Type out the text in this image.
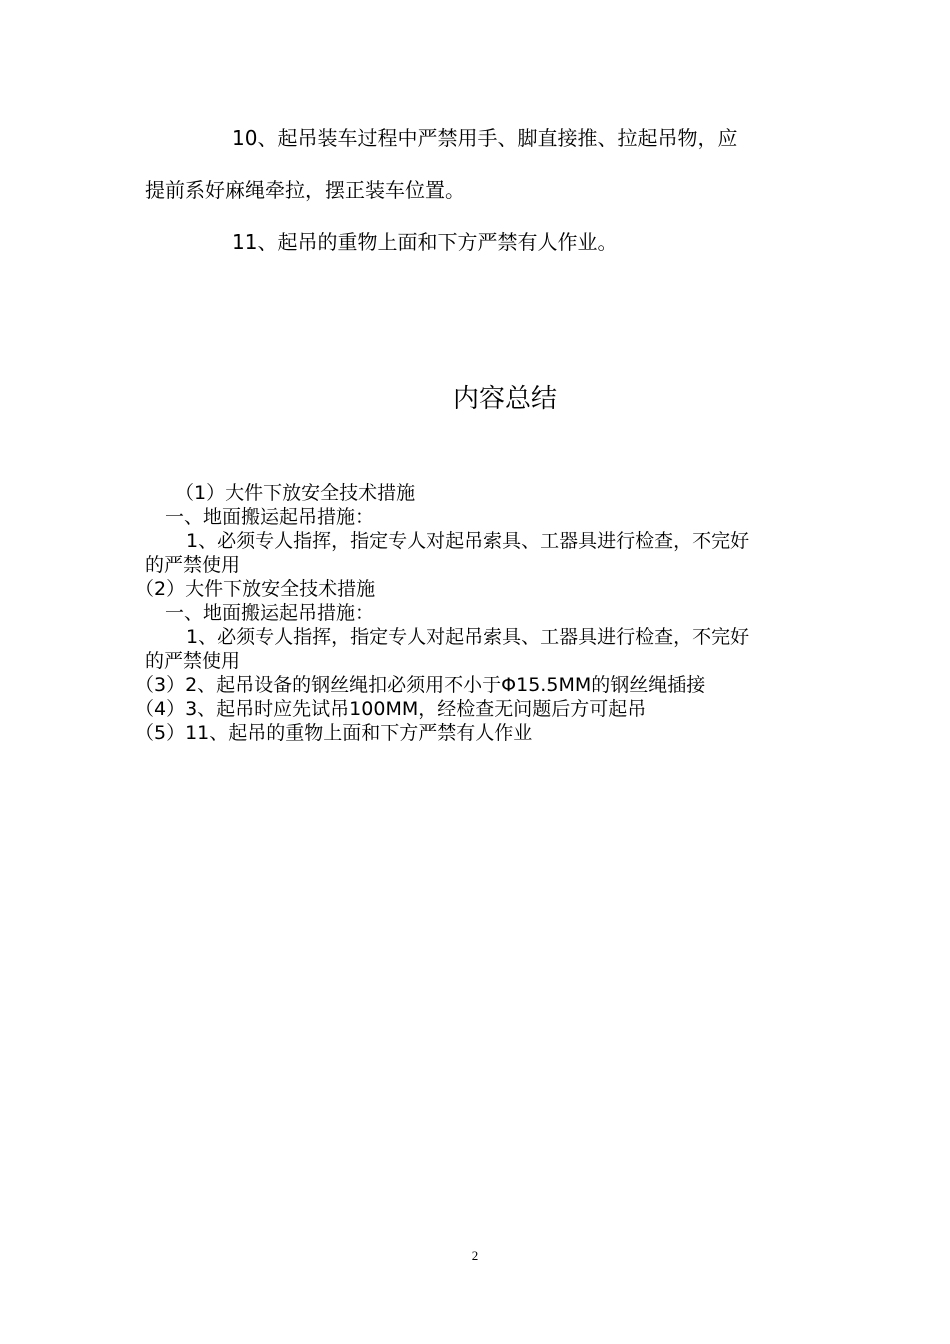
10、起吊装车过程中严禁用手、脚直接推、拉起吊物，应
提前系好麻绳牵拉，摆正装车位置。
11、起吊的重物上面和下方严禁有人作业。
内容总结
（1）大件下放安全技术措施
一、地面搬运起吊措施：
1、必须专人指挥，指定专人对起吊索具、工器具进行检查，不完好
的严禁使用
（2）大件下放安全技术措施
一、地面搬运起吊措施：
1、必须专人指挥，指定专人对起吊索具、工器具进行检查，不完好
的严禁使用
（3）2、起吊设备的钢丝绳扣必须用不小于Φ15.5MM的钢丝绳插接
（4）3、起吊时应先试吊100MM，经检查无问题后方可起吊
（5）11、起吊的重物上面和下方严禁有人作业
2
